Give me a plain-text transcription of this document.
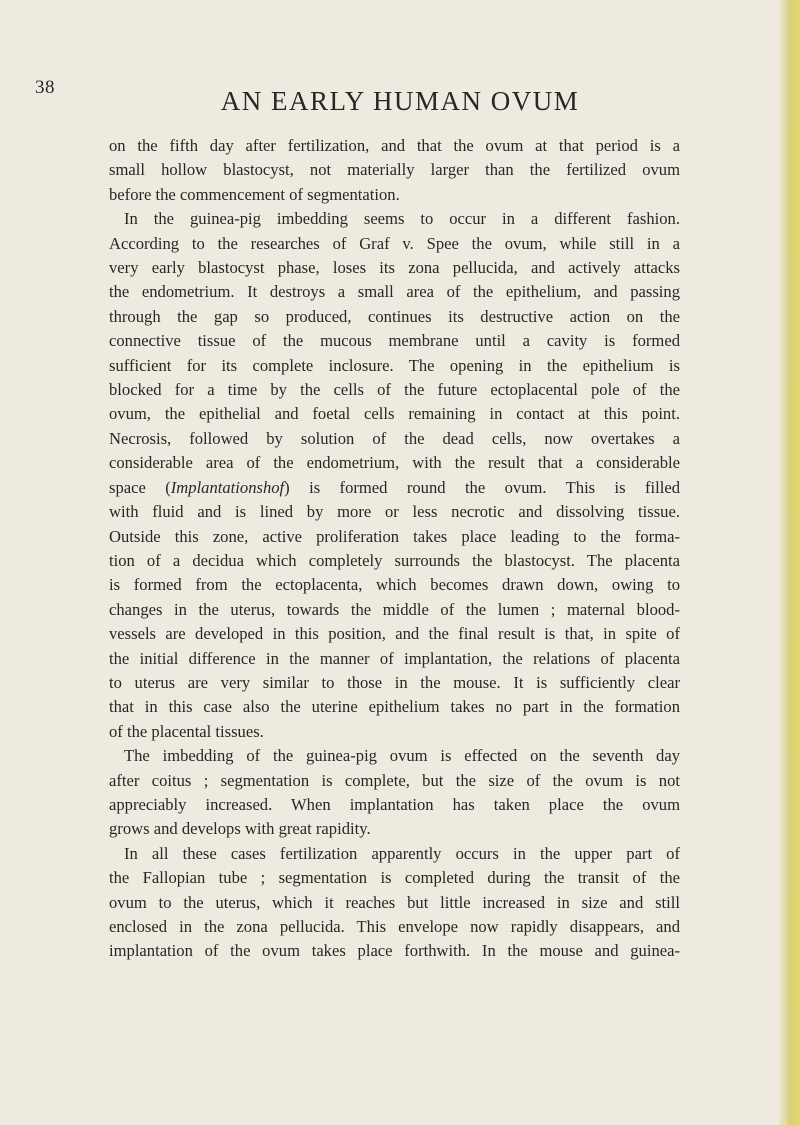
38	AN EARLY HUMAN OVUM
on the fifth day after fertilization, and that the ovum at that period is a
small hollow blastocyst, not materially larger than the fertilized ovum
before the commencement of segmentation.
In the guinea-pig imbedding seems to occur in a different fashion.
According to the researches of Graf v. Spee the ovum, while still in a
very early blastocyst phase, loses its zona pellucida, and actively attacks
the endometrium. It destroys a small area of the epithelium, and passing
through the gap so produced, continues its destructive action on the
connective tissue of the mucous membrane until a cavity is formed
sufficient for its complete inclosure. The opening in the epithelium is
blocked for a time by the cells of the future ectoplacental pole of the
ovum, the epithelial and foetal cells remaining in contact at this point.
Necrosis, followed by solution of the dead cells, now overtakes a
considerable area of the endometrium, with the result that a considerable
space (Implantationshof) is formed round the ovum. This is filled
with fluid and is lined by more or less necrotic and dissolving tissue.
Outside this zone, active proliferation takes place leading to the forma-
tion of a decidua which completely surrounds the blastocyst. The placenta
is formed from the ectoplacenta, which becomes drawn down, owing to
changes in the uterus, towards the middle of the lumen ; maternal blood-
vessels are developed in this position, and the final result is that, in spite of
the initial difference in the manner of implantation, the relations of placenta
to uterus are very similar to those in the mouse. It is sufficiently clear
that in this case also the uterine epithelium takes no part in the formation
of the placental tissues.
The imbedding of the guinea-pig ovum is effected on the seventh day
after coitus ; segmentation is complete, but the size of the ovum is not
appreciably increased. When implantation has taken place the ovum
grows and develops with great rapidity.
In all these cases fertilization apparently occurs in the upper part of
the Fallopian tube ; segmentation is completed during the transit of the
ovum to the uterus, which it reaches but little increased in size and still
enclosed in the zona pellucida. This envelope now rapidly disappears, and
implantation of the ovum takes place forthwith. In the mouse and guinea-
